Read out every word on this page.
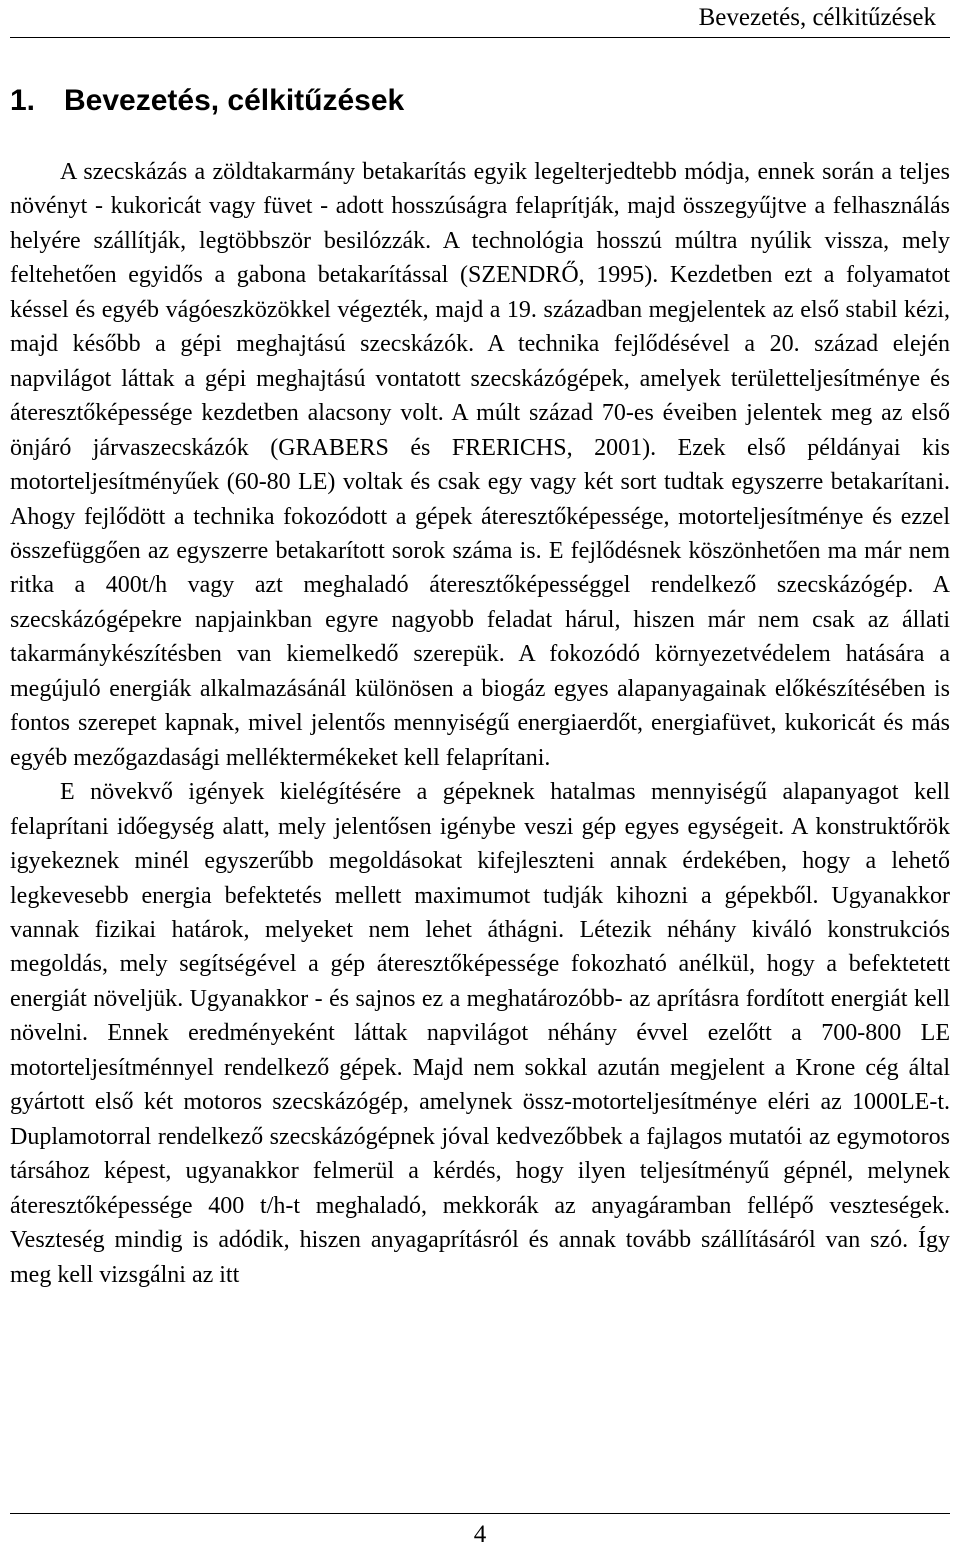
Bevezetés, célkitűzések
1. Bevezetés, célkitűzések

A szecskázás a zöldtakarmány betakarítás egyik legelterjedtebb módja, ennek során a teljes növényt - kukoricát vagy füvet - adott hosszúságra felaprítják, majd összegyűjtve a felhasználás helyére szállítják, legtöbbször besilózzák. A technológia hosszú múltra nyúlik vissza, mely feltehetően egyidős a gabona betakarítással (SZENDRŐ, 1995). Kezdetben ezt a folyamatot késsel és egyéb vágóeszközökkel végezték, majd a 19. században megjelentek az első stabil kézi, majd később a gépi meghajtású szecskázók. A technika fejlődésével a 20. század elején napvilágot láttak a gépi meghajtású vontatott szecskázógépek, amelyek területteljesítménye és áteresztőképessége kezdetben alacsony volt. A múlt század 70-es éveiben jelentek meg az első önjáró járvaszecskázók (GRABERS és FRERICHS, 2001). Ezek első példányai kis motorteljesítményűek (60-80 LE) voltak és csak egy vagy két sort tudtak egyszerre betakarítani. Ahogy fejlődött a technika fokozódott a gépek áteresztőképessége, motorteljesítménye és ezzel összefüggően az egyszerre betakarított sorok száma is. E fejlődésnek köszönhetően ma már nem ritka a 400t/h vagy azt meghaladó áteresztőképességgel rendelkező szecskázógép. A szecskázógépekre napjainkban egyre nagyobb feladat hárul, hiszen már nem csak az állati takarmánykészítésben van kiemelkedő szerepük. A fokozódó környezetvédelem hatására a megújuló energiák alkalmazásánál különösen a biogáz egyes alapanyagainak előkészítésében is fontos szerepet kapnak, mivel jelentős mennyiségű energiaerdőt, energiafüvet, kukoricát és más egyéb mezőgazdasági melléktermékeket kell felaprítani.

E növekvő igények kielégítésére a gépeknek hatalmas mennyiségű alapanyagot kell felaprítani időegység alatt, mely jelentősen igénybe veszi gép egyes egységeit. A konstruktőrök igyekeznek minél egyszerűbb megoldásokat kifejleszteni annak érdekében, hogy a lehető legkevesebb energia befektetés mellett maximumot tudják kihozni a gépekből. Ugyanakkor vannak fizikai határok, melyeket nem lehet áthágni. Létezik néhány kiváló konstrukciós megoldás, mely segítségével a gép áteresztőképessége fokozható anélkül, hogy a befektetett energiát növeljük. Ugyanakkor - és sajnos ez a meghatározóbb- az aprításra fordított energiát kell növelni. Ennek eredményeként láttak napvilágot néhány évvel ezelőtt a 700-800 LE motorteljesítménnyel rendelkező gépek. Majd nem sokkal azután megjelent a Krone cég által gyártott első két motoros szecskázógép, amelynek össz-motorteljesítménye eléri az 1000LE-t. Duplamotorral rendelkező szecskázógépnek jóval kedvezőbbek a fajlagos mutatói az egymotoros társához képest, ugyanakkor felmerül a kérdés, hogy ilyen teljesítményű gépnél, melynek áteresztőképessége 400 t/h-t meghaladó, mekkorák az anyagáramban fellépő veszteségek. Veszteség mindig is adódik, hiszen anyagaprításról és annak tovább szállításáról van szó. Így meg kell vizsgálni az itt

4
